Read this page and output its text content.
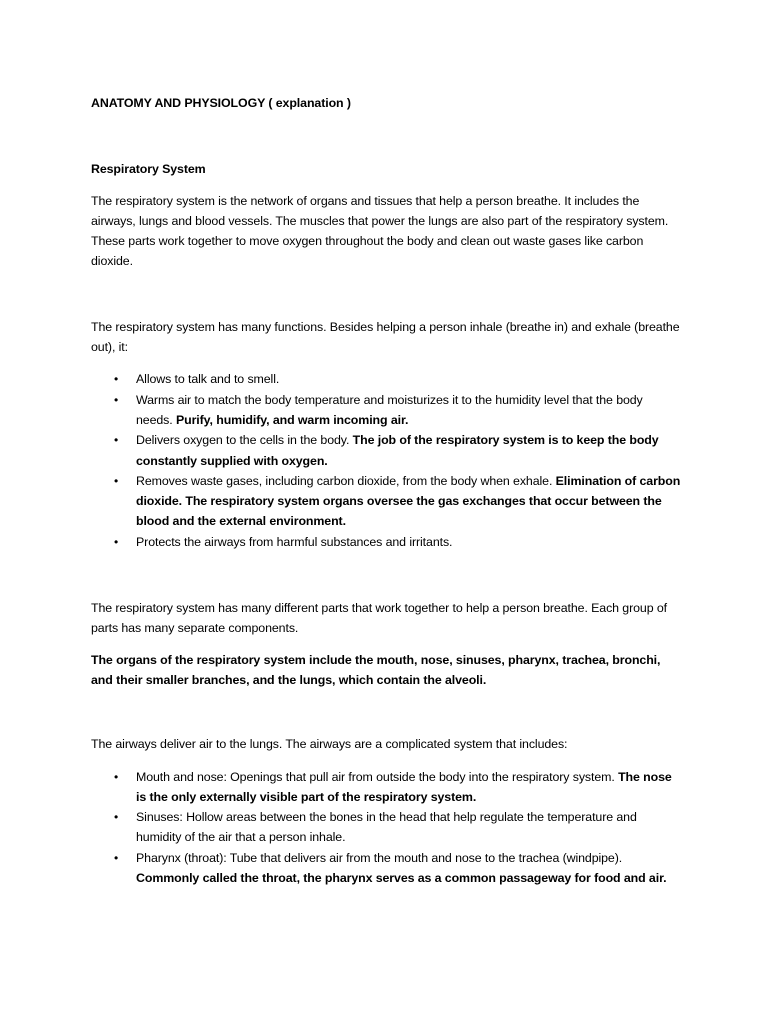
ANATOMY AND PHYSIOLOGY ( explanation )

Respiratory System

The respiratory system is the network of organs and tissues that help a person breathe. It includes the airways, lungs and blood vessels. The muscles that power the lungs are also part of the respiratory system. These parts work together to move oxygen throughout the body and clean out waste gases like carbon dioxide.

The respiratory system has many functions. Besides helping a person inhale (breathe in) and exhale (breathe out), it:

• Allows to talk and to smell.
• Warms air to match the body temperature and moisturizes it to the humidity level that the body needs. Purify, humidify, and warm incoming air.
• Delivers oxygen to the cells in the body. The job of the respiratory system is to keep the body constantly supplied with oxygen.
• Removes waste gases, including carbon dioxide, from the body when exhale. Elimination of carbon dioxide. The respiratory system organs oversee the gas exchanges that occur between the blood and the external environment.
• Protects the airways from harmful substances and irritants.

The respiratory system has many different parts that work together to help a person breathe. Each group of parts has many separate components.

The organs of the respiratory system include the mouth, nose, sinuses, pharynx, trachea, bronchi, and their smaller branches, and the lungs, which contain the alveoli.

The airways deliver air to the lungs. The airways are a complicated system that includes:

• Mouth and nose: Openings that pull air from outside the body into the respiratory system. The nose is the only externally visible part of the respiratory system.
• Sinuses: Hollow areas between the bones in the head that help regulate the temperature and humidity of the air that a person inhale.
• Pharynx (throat): Tube that delivers air from the mouth and nose to the trachea (windpipe). Commonly called the throat, the pharynx serves as a common passageway for food and air.
